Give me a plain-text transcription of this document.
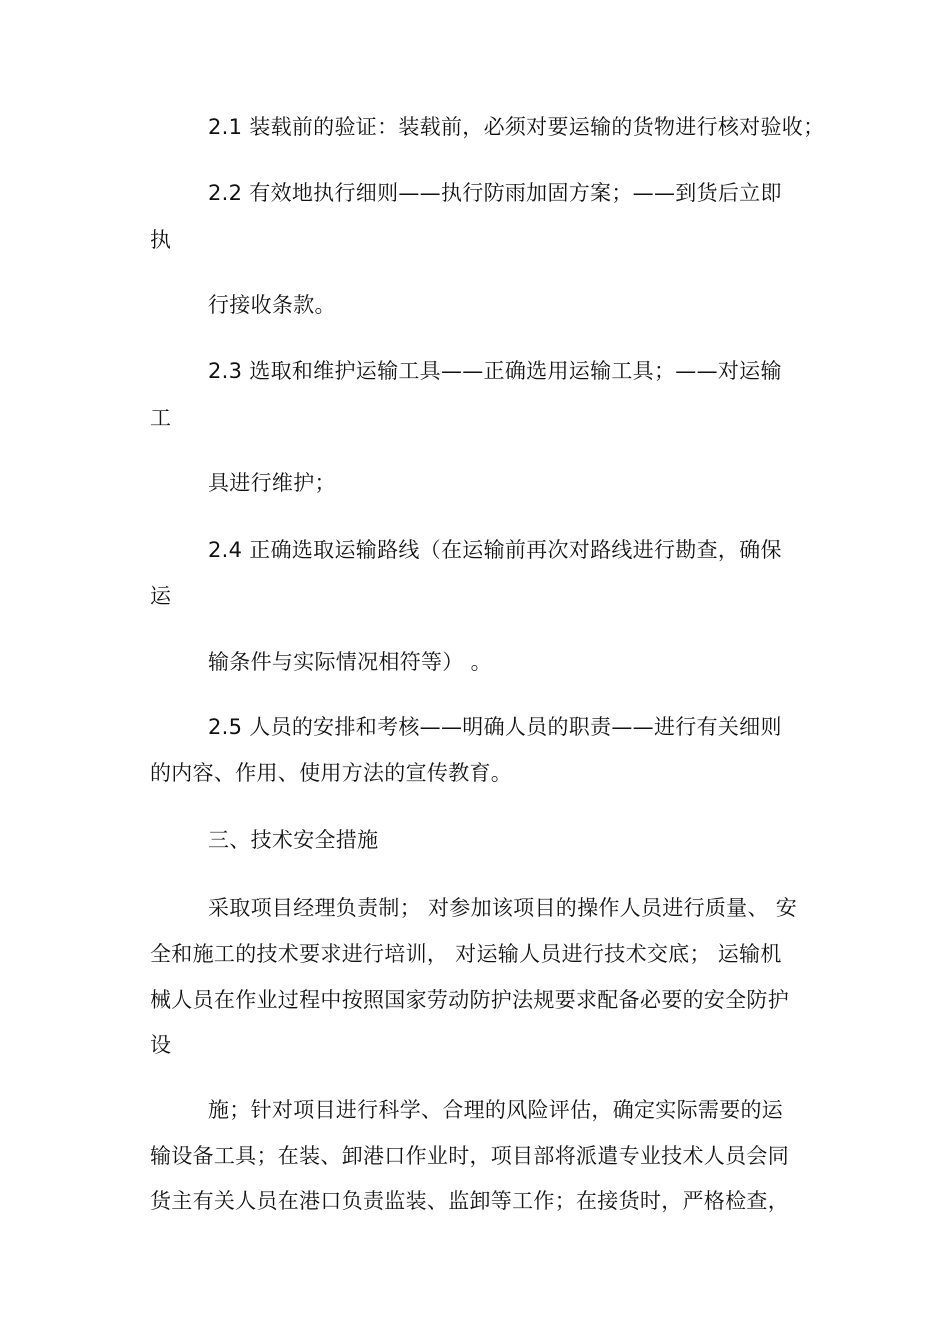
2.1 装载前的验证：装载前，必须对要运输的货物进行核对验收；
2.2 有效地执行细则——执行防雨加固方案；——到货后立即
执
行接收条款。
2.3 选取和维护运输工具——正确选用运输工具；——对运输
工
具进行维护；
2.4 正确选取运输路线（在运输前再次对路线进行勘查，确保
运
输条件与实际情况相符等） 。
2.5 人员的安排和考核——明确人员的职责——进行有关细则
的内容、作用、使用方法的宣传教育。
三、技术安全措施
采取项目经理负责制； 对参加该项目的操作人员进行质量、 安
全和施工的技术要求进行培训， 对运输人员进行技术交底； 运输机
械人员在作业过程中按照国家劳动防护法规要求配备必要的安全防护
设
施；针对项目进行科学、合理的风险评估，确定实际需要的运
输设备工具；在装、卸港口作业时，项目部将派遣专业技术人员会同
货主有关人员在港口负责监装、监卸等工作；在接货时，严格检查，
